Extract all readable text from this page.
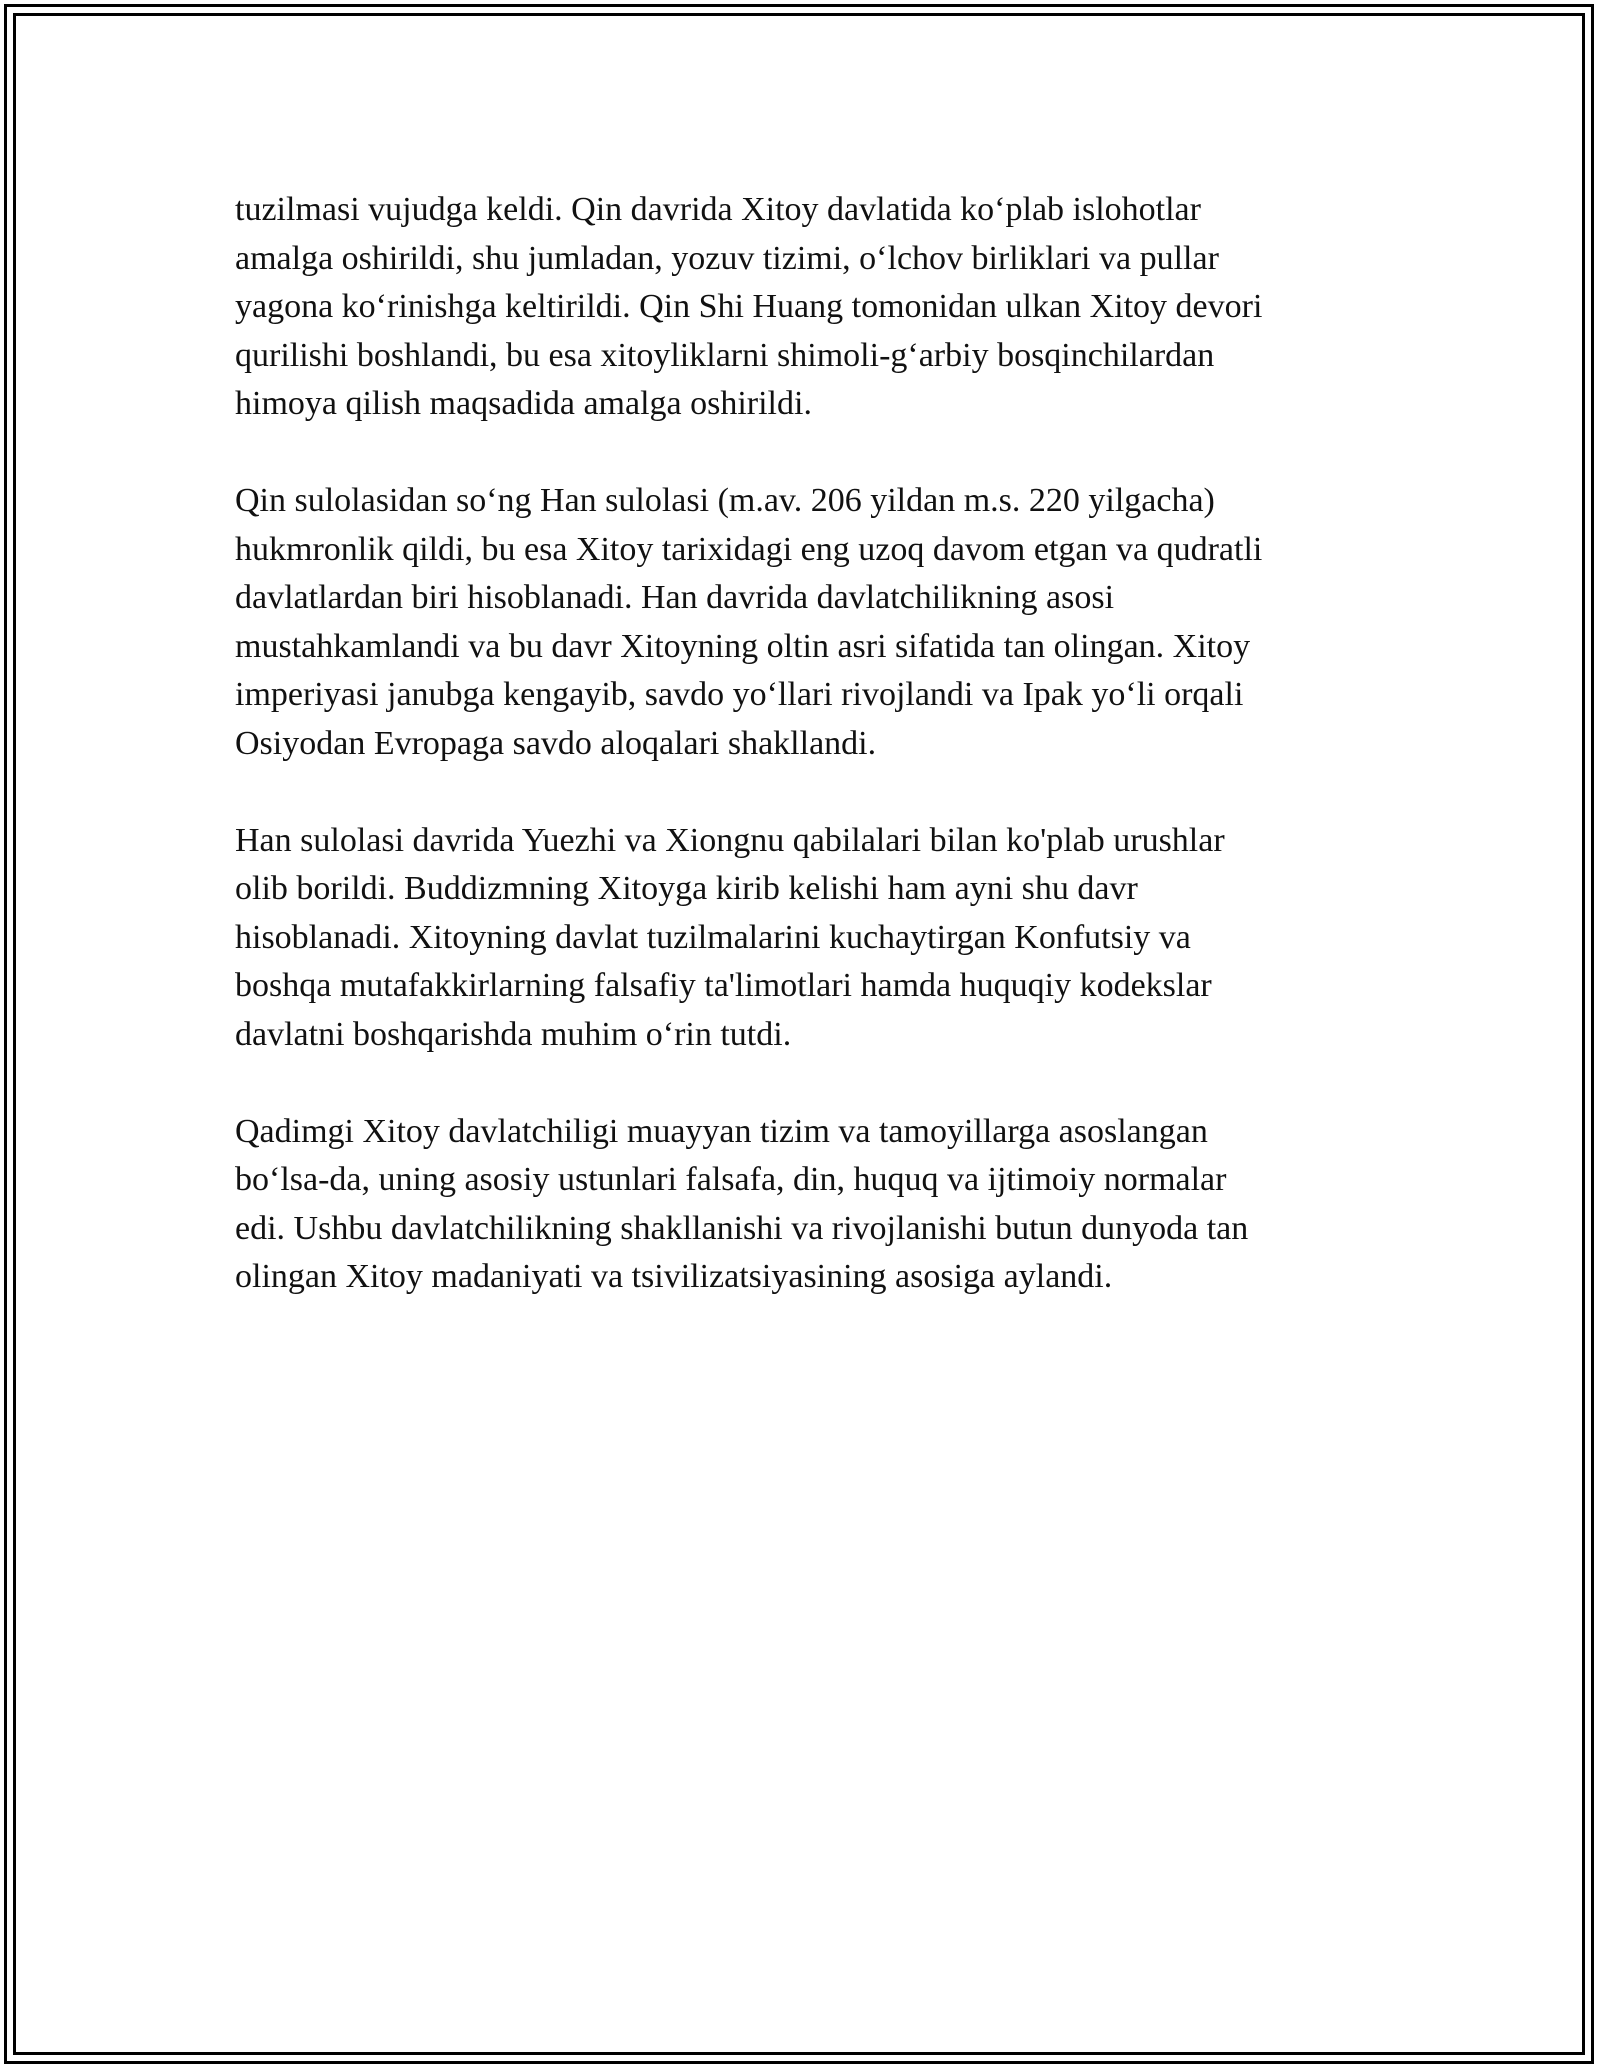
tuzilmasi vujudga keldi. Qin davrida Xitoy davlatida ko‘plab islohotlar
amalga oshirildi, shu jumladan, yozuv tizimi, o‘lchov birliklari va pullar
yagona ko‘rinishga keltirildi. Qin Shi Huang tomonidan ulkan Xitoy devori
qurilishi boshlandi, bu esa xitoyliklarni shimoli-g‘arbiy bosqinchilardan
himoya qilish maqsadida amalga oshirildi.

Qin sulolasidan so‘ng Han sulolasi (m.av. 206 yildan m.s. 220 yilgacha)
hukmronlik qildi, bu esa Xitoy tarixidagi eng uzoq davom etgan va qudratli
davlatlardan biri hisoblanadi. Han davrida davlatchilikning asosi
mustahkamlandi va bu davr Xitoyning oltin asri sifatida tan olingan. Xitoy
imperiyasi janubga kengayib, savdo yo‘llari rivojlandi va Ipak yo‘li orqali
Osiyodan Evropaga savdo aloqalari shakllandi.

Han sulolasi davrida Yuezhi va Xiongnu qabilalari bilan ko'plab urushlar
olib borildi. Buddizmning Xitoyga kirib kelishi ham ayni shu davr
hisoblanadi. Xitoyning davlat tuzilmalarini kuchaytirgan Konfutsiy va
boshqa mutafakkirlarning falsafiy ta'limotlari hamda huquqiy kodekslar
davlatni boshqarishda muhim o‘rin tutdi.

Qadimgi Xitoy davlatchiligi muayyan tizim va tamoyillarga asoslangan
bo‘lsa-da, uning asosiy ustunlari falsafa, din, huquq va ijtimoiy normalar
edi. Ushbu davlatchilikning shakllanishi va rivojlanishi butun dunyoda tan
olingan Xitoy madaniyati va tsivilizatsiyasining asosiga aylandi.
